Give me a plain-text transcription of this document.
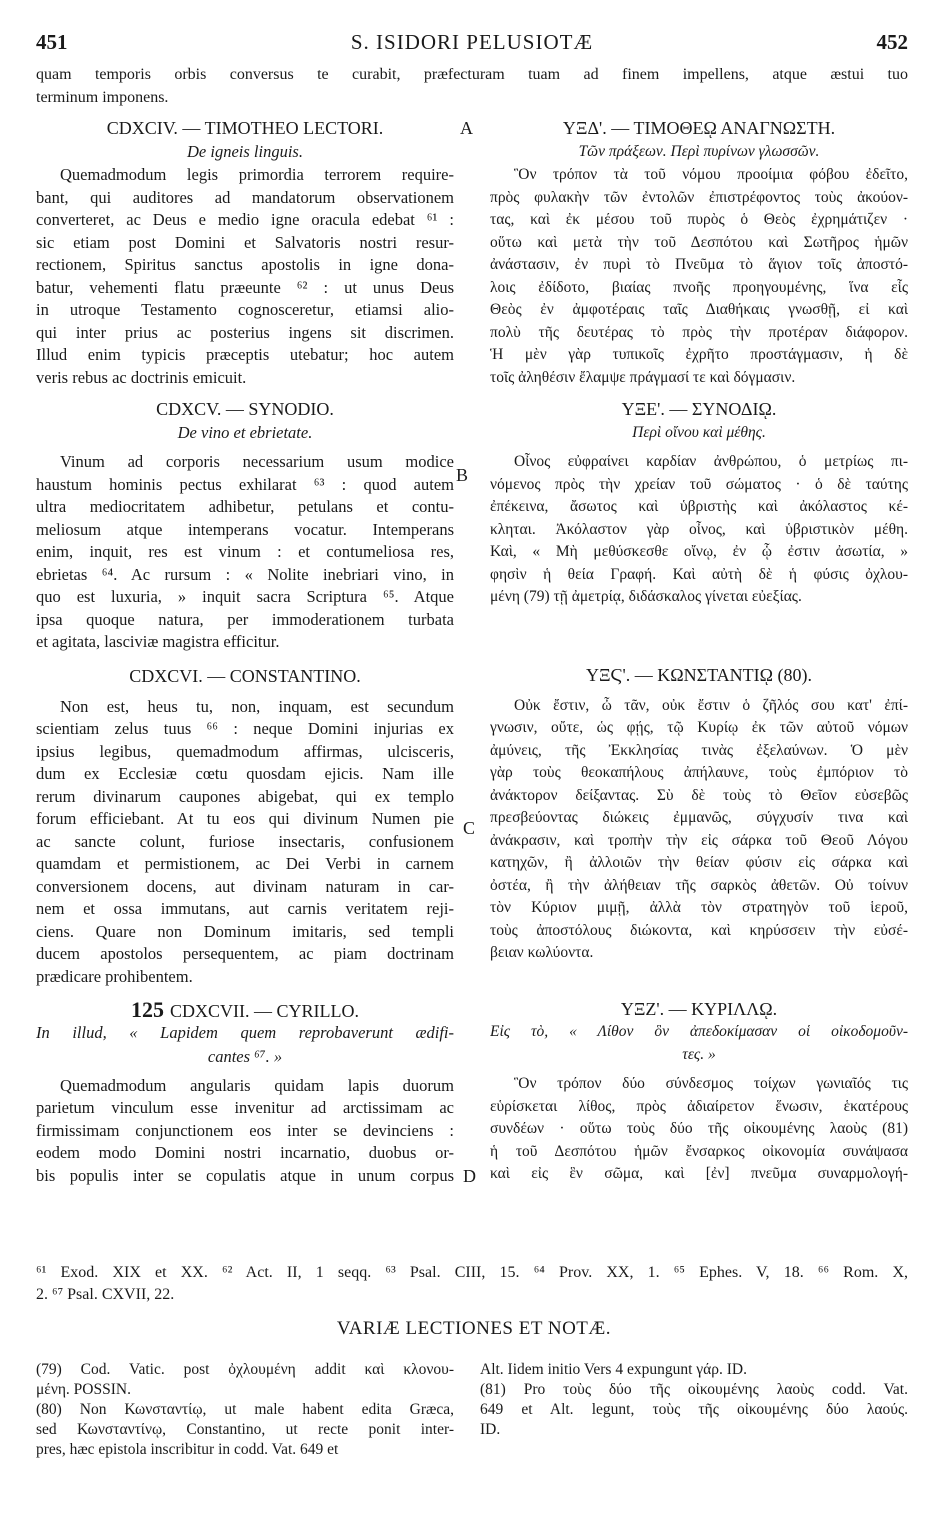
451	S. ISIDORI PELUSIOTÆ	452
quam temporis orbis conversus te curabit, præfecturam tuam ad finem impellens, atque æstui tuo
terminum imponens.
A
B
C
D
CDXCIV. — TIMOTHEO LECTORI.
De igneis linguis.
Quemadmodum legis primordia terrorem require-
bant, qui auditores ad mandatorum observationem
converteret, ac Deus e medio igne oracula edebat ⁶¹ :
sic etiam post Domini et Salvatoris nostri resur-
rectionem, Spiritus sanctus apostolis in igne dona-
batur, vehementi flatu præeunte ⁶² : ut unus Deus
in utroque Testamento cognosceretur, etiamsi alio-
qui inter prius ac posterius ingens sit discrimen.
Illud enim typicis præceptis utebatur; hoc autem
veris rebus ac doctrinis emicuit.
CDXCV. — SYNODIO.
De vino et ebrietate.
Vinum ad corporis necessarium usum modice
haustum hominis pectus exhilarat ⁶³ : quod autem
ultra mediocritatem adhibetur, petulans et contu-
meliosum atque intemperans vocatur. Intemperans
enim, inquit, res est vinum : et contumeliosa res,
ebrietas ⁶⁴. Ac rursum : « Nolite inebriari vino, in
quo est luxuria, » inquit sacra Scriptura ⁶⁵. Atque
ipsa quoque natura, per immoderationem turbata
et agitata, lasciviæ magistra efficitur.
CDXCVI. — CONSTANTINO.
Non est, heus tu, non, inquam, est secundum
scientiam zelus tuus ⁶⁶ : neque Domini injurias ex
ipsius legibus, quemadmodum affirmas, ulcisceris,
dum ex Ecclesiæ cœtu quosdam ejicis. Nam ille
rerum divinarum caupones abigebat, qui ex templo
forum efficiebant. At tu eos qui divinum Numen pie
ac sancte colunt, furiose insectaris, confusionem
quamdam et permistionem, ac Dei Verbi in carnem
conversionem docens, aut divinam naturam in car-
nem et ossa immutans, aut carnis veritatem reji-
ciens. Quare non Dominum imitaris, sed templi
ducem apostolos persequentem, ac piam doctrinam
prædicare prohibentem.
125 CDXCVII. — CYRILLO.
In illud, « Lapidem quem reprobaverunt ædifi-
cantes ⁶⁷. »
Quemadmodum angularis quidam lapis duorum
parietum vinculum esse invenitur ad arctissimam ac
firmissimam conjunctionem eos inter se devinciens :
eodem modo Domini nostri incarnatio, duobus or-
bis populis inter se copulatis atque in unum corpus
ΥΞΔ'. — ΤΙΜΟΘΕῼ ΑΝΑΓΝΩΣΤΗ.
Τῶν πράξεων. Περὶ πυρίνων γλωσσῶν.
Ὃν τρόπον τὰ τοῦ νόμου προοίμια φόβου ἐδεῖτο,
πρὸς φυλακὴν τῶν ἐντολῶν ἐπιστρέφοντος τοὺς ἀκούον-
τας, καὶ ἐκ μέσου τοῦ πυρὸς ὁ Θεὸς ἐχρημάτιζεν ·
οὕτω καὶ μετὰ τὴν τοῦ Δεσπότου καὶ Σωτῆρος ἡμῶν
ἀνάστασιν, ἐν πυρὶ τὸ Πνεῦμα τὸ ἅγιον τοῖς ἀποστό-
λοις ἐδίδοτο, βιαίας πνοῆς προηγουμένης, ἵνα εἷς
Θεὸς ἐν ἀμφοτέραις ταῖς Διαθήκαις γνωσθῇ, εἰ καὶ
πολὺ τῆς δευτέρας τὸ πρὸς τὴν προτέραν διάφορον.
Ἡ μὲν γὰρ τυπικοῖς ἐχρῆτο προστάγμασιν, ἡ δὲ
τοῖς ἀληθέσιν ἔλαμψε πράγμασί τε καὶ δόγμασιν.
ΥΞΕ'. — ΣΥΝΟΔΙῼ.
Περὶ οἴνου καὶ μέθης.
Οἶνος εὐφραίνει καρδίαν ἀνθρώπου, ὁ μετρίως πι-
νόμενος πρὸς τὴν χρείαν τοῦ σώματος · ὁ δὲ ταύτης
ἐπέκεινα, ἄσωτος καὶ ὑβριστὴς καὶ ἀκόλαστος κέ-
κληται. Ἀκόλαστον γὰρ οἶνος, καὶ ὑβριστικὸν μέθη.
Καὶ, « Μὴ μεθύσκεσθε οἴνῳ, ἐν ᾧ ἐστιν ἀσωτία, »
φησὶν ἡ θεία Γραφή. Καὶ αὐτὴ δὲ ἡ φύσις ὀχλου-
μένη (79) τῇ ἀμετρίᾳ, διδάσκαλος γίνεται εὐεξίας.
ΥΞϚ'. — ΚΩΝΣΤΑΝΤΙῼ (80).
Οὐκ ἔστιν, ὦ τᾶν, οὐκ ἔστιν ὁ ζῆλός σου κατ' ἐπί-
γνωσιν, οὔτε, ὡς φῄς, τῷ Κυρίῳ ἐκ τῶν αὐτοῦ νόμων
ἀμύνεις, τῆς Ἐκκλησίας τινὰς ἐξελαύνων. Ὁ μὲν
γὰρ τοὺς θεοκαπήλους ἀπήλαυνε, τοὺς ἐμπόριον τὸ
ἀνάκτορον δείξαντας. Σὺ δὲ τοὺς τὸ Θεῖον εὐσεβῶς
πρεσβεύοντας διώκεις ἐμμανῶς, σύγχυσίν τινα καὶ
ἀνάκρασιν, καὶ τροπὴν τὴν εἰς σάρκα τοῦ Θεοῦ Λόγου
κατηχῶν, ἢ ἀλλοιῶν τὴν θείαν φύσιν εἰς σάρκα καὶ
ὀστέα, ἢ τὴν ἀλήθειαν τῆς σαρκὸς ἀθετῶν. Οὐ τοίνυν
τὸν Κύριον μιμῇ, ἀλλὰ τὸν στρατηγὸν τοῦ ἱεροῦ,
τοὺς ἀποστόλους διώκοντα, καὶ κηρύσσειν τὴν εὐσέ-
βειαν κωλύοντα.
ΥΞΖ'. — ΚΥΡΙΛΛῼ.
Εἰς τὸ, « Λίθον ὃν ἀπεδοκίμασαν οἱ οἰκοδομοῦν-
τες. »
Ὃν τρόπον δύο σύνδεσμος τοίχων γωνιαῖός τις
εὑρίσκεται λίθος, πρὸς ἀδιαίρετον ἕνωσιν, ἑκατέρους
συνδέων · οὕτω τοὺς δύο τῆς οἰκουμένης λαοὺς (81)
ἡ τοῦ Δεσπότου ἡμῶν ἔνσαρκος οἰκονομία συνάψασα
καὶ εἰς ἓν σῶμα, καὶ [ἐν] πνεῦμα συναρμολογή-
⁶¹ Exod. XIX et XX. ⁶² Act. II, 1 seqq. ⁶³ Psal. CIII, 15. ⁶⁴ Prov. XX, 1. ⁶⁵ Ephes. V, 18. ⁶⁶ Rom. X,
2. ⁶⁷ Psal. CXVII, 22.
VARIÆ LECTIONES ET NOTÆ.
(79) Cod. Vatic. post ὀχλουμένη addit καὶ κλονου-
μένη. POSSIN.
(80) Non Κωνσταντίῳ, ut male habent edita Græca,
sed Κωνσταντίνῳ, Constantino, ut recte ponit inter-
pres, hæc epistola inscribitur in codd. Vat. 649 et
Alt. Iidem initio Vers 4 expungunt γάρ. ID.
(81) Pro τοὺς δύο τῆς οἰκουμένης λαοὺς codd. Vat.
649 et Alt. legunt, τοὺς τῆς οἰκουμένης δύο λαούς.
ID.
